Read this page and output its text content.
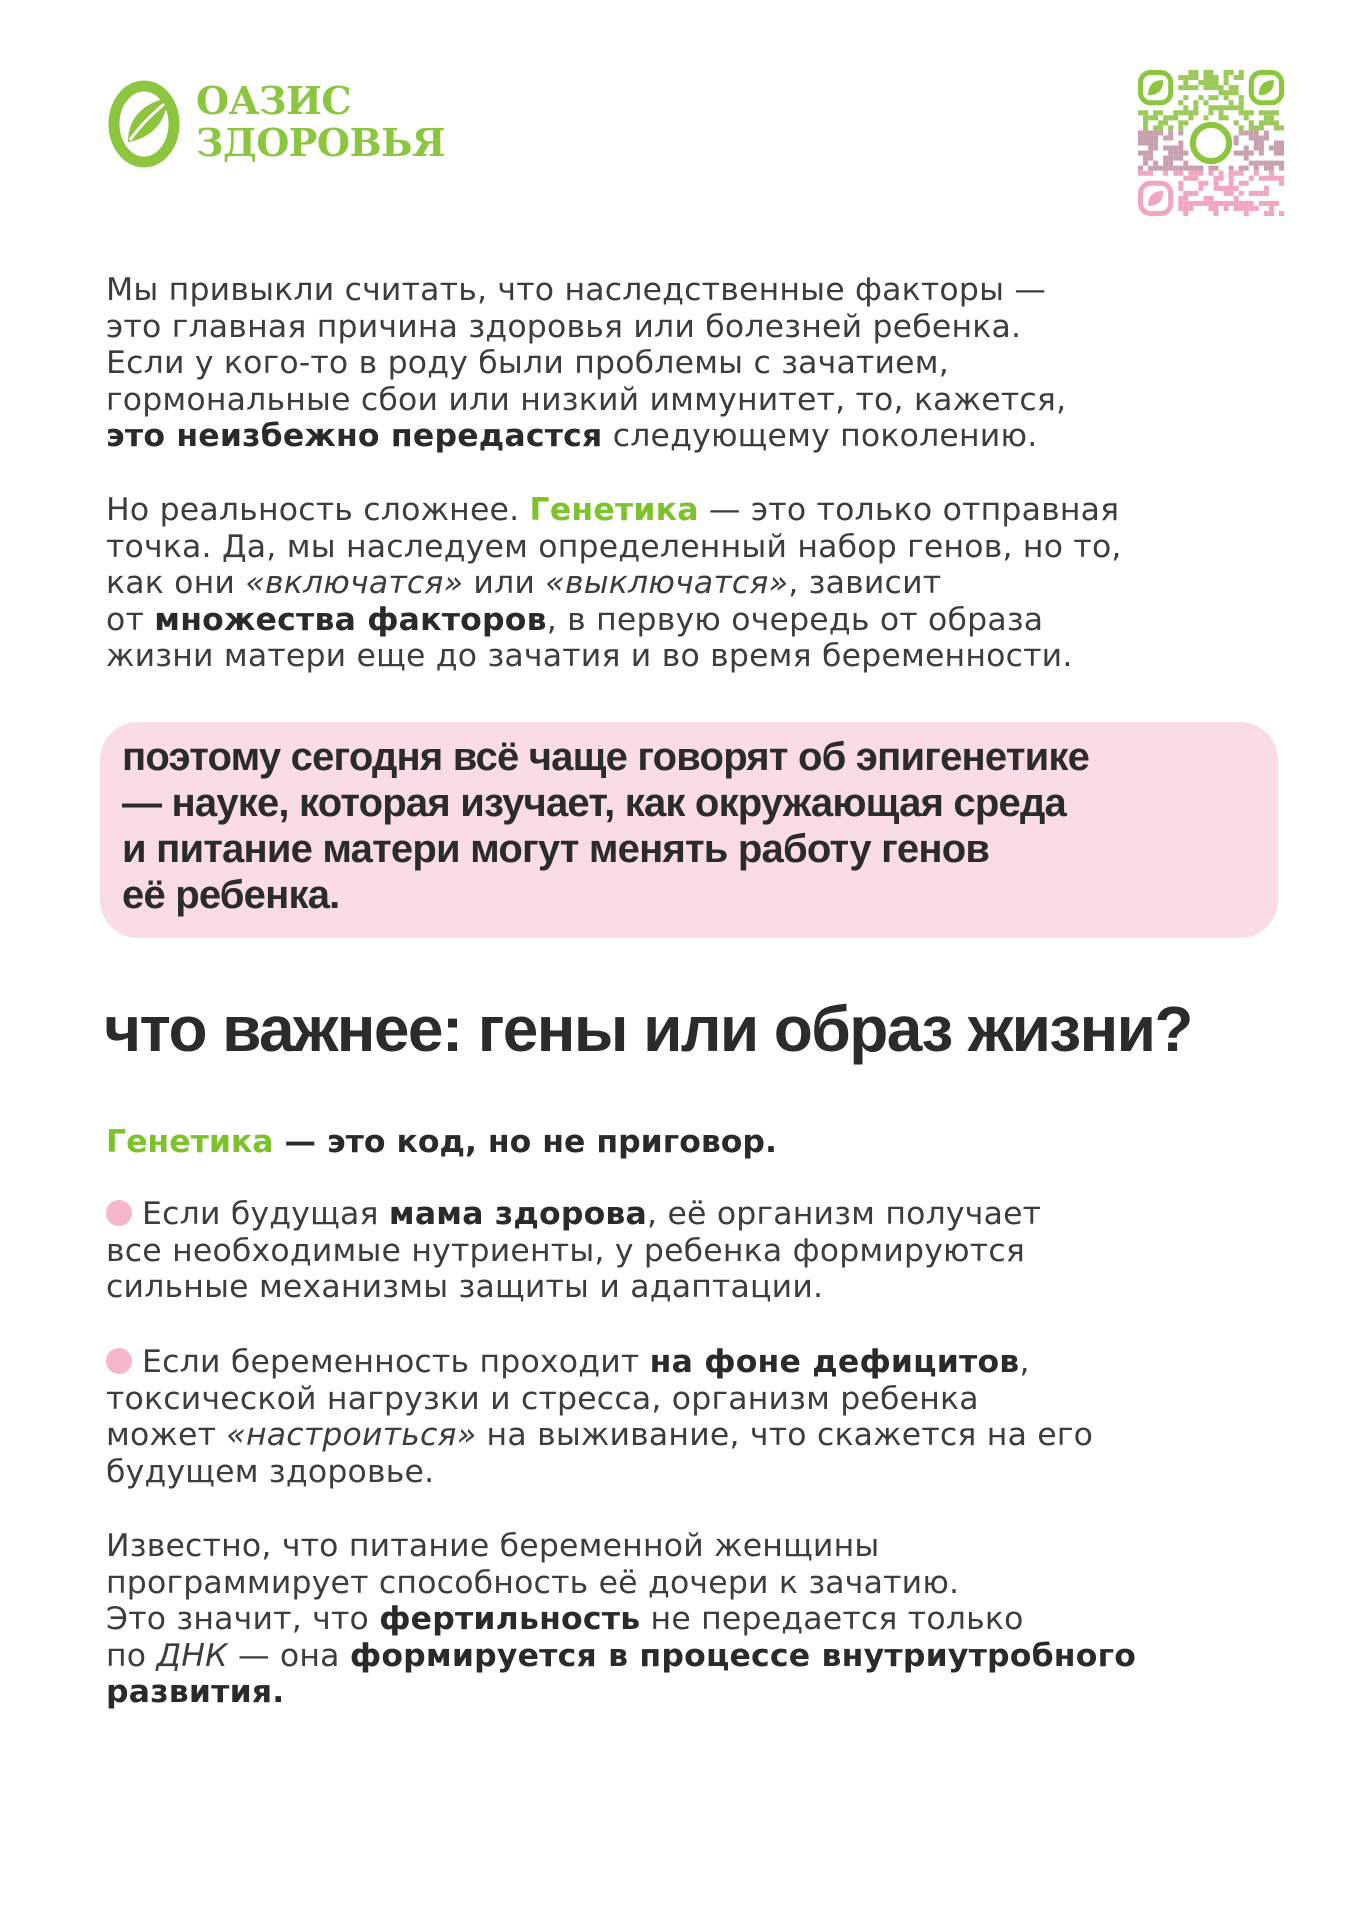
ОАЗИС
ЗДОРОВЬЯ
Мы привыкли считать, что наследственные факторы —
это главная причина здоровья или болезней ребенка.
Если у кого-то в роду были проблемы с зачатием,
гормональные сбои или низкий иммунитет, то, кажется,
это неизбежно передастся следующему поколению.
Но реальность сложнее. Генетика — это только отправная
точка. Да, мы наследуем определенный набор генов, но то,
как они «включатся» или «выключатся», зависит
от множества факторов, в первую очередь от образа
жизни матери еще до зачатия и во время беременности.
поэтому сегодня всё чаще говорят об эпигенетике
— науке, которая изучает, как окружающая среда
и питание матери могут менять работу генов
её ребенка.
что важнее: гены или образ жизни?
Генетика — это код, но не приговор.
Если будущая мама здорова, её организм получает
все необходимые нутриенты, у ребенка формируются
сильные механизмы защиты и адаптации.
Если беременность проходит на фоне дефицитов,
токсической нагрузки и стресса, организм ребенка
может «настроиться» на выживание, что скажется на его
будущем здоровье.
Известно, что питание беременной женщины
программирует способность её дочери к зачатию.
Это значит, что фертильность не передается только
по ДНК — она формируется в процессе внутриутробного
развития.
